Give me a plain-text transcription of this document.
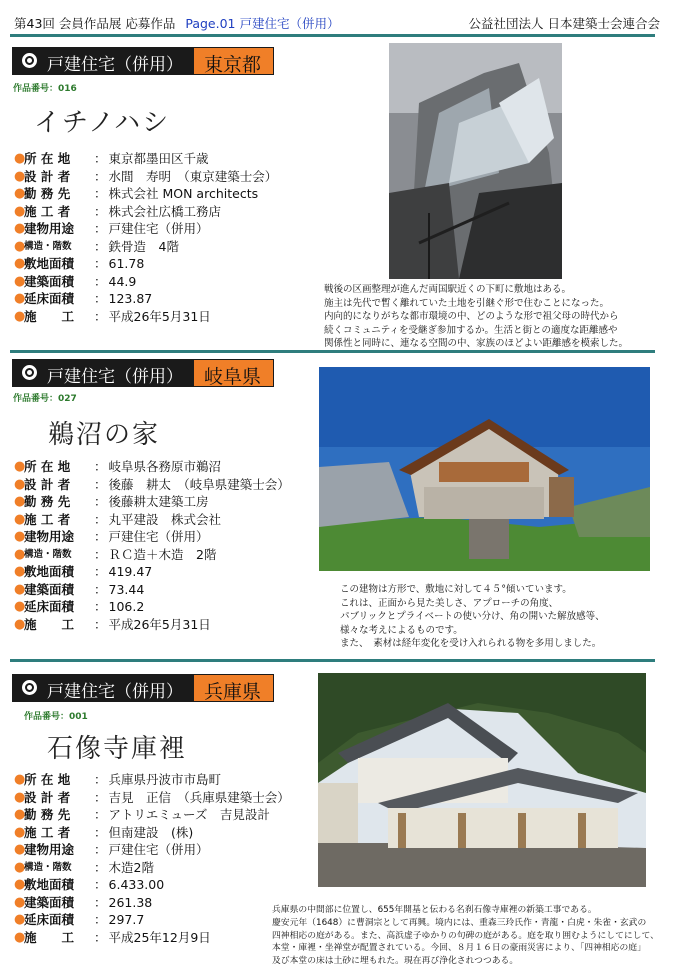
第43回 会員作品展 応募作品 Page.01 戸建住宅（併用）	公益社団法人 日本建築士会連合会
戸建住宅（併用）	東京都
作品番号：016
イチノハシ
●
所 在 地	： 東京都墨田区千歳
●
設 計 者	： 水間　寿明　（東京建築士会）
●
勤 務 先	： 株式会社 MON architects
●
施 工 者	： 株式会社広橋工務店
●
建物用途	： 戸建住宅（併用）
●
構造・階数	： 鉄骨造　4階
●
敷地面積	： 61.78
●
建築面積	： 44.9
●
延床面積	： 123.87
●
施　　工	： 平成26年5月31日

戦後の区画整理が進んだ両国駅近くの下町に敷地はある。

施主は先代で暫く離れていた土地を引継ぐ形で住むことになった。

内向的になりがちな都市環境の中、どのような形で祖父母の時代から

続くコミュニティを受継ぎ参加するか。生活と街との適度な距離感や

関係性と同時に、連なる空間の中、家族のほどよい距離感を模索した。

戸建住宅（併用）	岐阜県
作品番号：027
鵜沼の家
●
所 在 地	： 岐阜県各務原市鵜沼
●
設 計 者	： 後藤　耕太　（岐阜県建築士会）
●
勤 務 先	： 後藤耕太建築工房
●
施 工 者	： 丸平建設　株式会社
●
建物用途	： 戸建住宅（併用）
●
構造・階数	： ＲＣ造＋木造　2階
●
敷地面積	： 419.47
●
建築面積	： 73.44
●
延床面積	： 106.2
●
施　　工	： 平成26年5月31日

この建物は方形で、敷地に対して４５°傾いています。

これは、正面から見た美しさ、アプローチの角度、

パブリックとプライベートの使い分け、角の開いた解放感等、

様々な考えによるものです。

また、　素材は経年変化を受け入れられる物を多用しました。

戸建住宅（併用）	兵庫県
作品番号：001
石像寺庫裡
●
所 在 地	： 兵庫県丹波市市島町
●
設 計 者	： 吉見　正信　（兵庫県建築士会）
●
勤 務 先	： アトリエミューズ　吉見設計
●
施 工 者	： 但南建設　(株)
●
建物用途	： 戸建住宅（併用）
●
構造・階数	： 木造2階
●
敷地面積	： 6.433.00
●
建築面積	： 261.38
●
延床面積	： 297.7
●
施　　工	： 平成25年12月9日

兵庫県の中間部に位置し、655年開基と伝わる名刹石像寺庫裡の新築工事である。

慶安元年（1648）に曹洞宗として再興。境内には、重森三玲氏作・青龍・白虎・朱雀・玄武の

四神相応の庭がある。また、高浜虚子ゆかりの句碑の庭がある。庭を取り囲むようにしてにして、

本堂・庫裡・坐禅堂が配置されている。今回、８月１６日の豪雨災害により、「四神相応の庭」

及び本堂の床は土砂に埋もれた。現在再び浄化されつつある。
